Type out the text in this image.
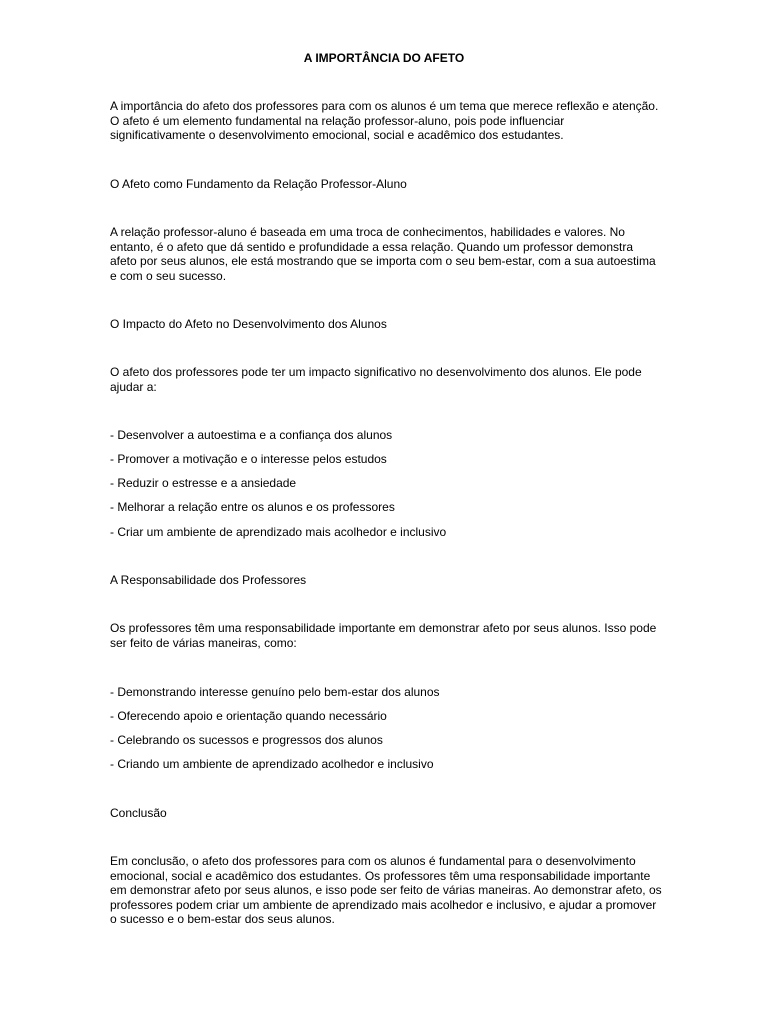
A IMPORTÂNCIA DO AFETO

A importância do afeto dos professores para com os alunos é um tema que merece reflexão e atenção. O afeto é um elemento fundamental na relação professor-aluno, pois pode influenciar significativamente o desenvolvimento emocional, social e acadêmico dos estudantes.

O Afeto como Fundamento da Relação Professor-Aluno

A relação professor-aluno é baseada em uma troca de conhecimentos, habilidades e valores. No entanto, é o afeto que dá sentido e profundidade a essa relação. Quando um professor demonstra afeto por seus alunos, ele está mostrando que se importa com o seu bem-estar, com a sua autoestima e com o seu sucesso.

O Impacto do Afeto no Desenvolvimento dos Alunos

O afeto dos professores pode ter um impacto significativo no desenvolvimento dos alunos. Ele pode ajudar a:

- Desenvolver a autoestima e a confiança dos alunos

- Promover a motivação e o interesse pelos estudos

- Reduzir o estresse e a ansiedade

- Melhorar a relação entre os alunos e os professores

- Criar um ambiente de aprendizado mais acolhedor e inclusivo

A Responsabilidade dos Professores

Os professores têm uma responsabilidade importante em demonstrar afeto por seus alunos. Isso pode ser feito de várias maneiras, como:

- Demonstrando interesse genuíno pelo bem-estar dos alunos

- Oferecendo apoio e orientação quando necessário

- Celebrando os sucessos e progressos dos alunos

- Criando um ambiente de aprendizado acolhedor e inclusivo

Conclusão

Em conclusão, o afeto dos professores para com os alunos é fundamental para o desenvolvimento emocional, social e acadêmico dos estudantes. Os professores têm uma responsabilidade importante em demonstrar afeto por seus alunos, e isso pode ser feito de várias maneiras. Ao demonstrar afeto, os professores podem criar um ambiente de aprendizado mais acolhedor e inclusivo, e ajudar a promover o sucesso e o bem-estar dos seus alunos.
